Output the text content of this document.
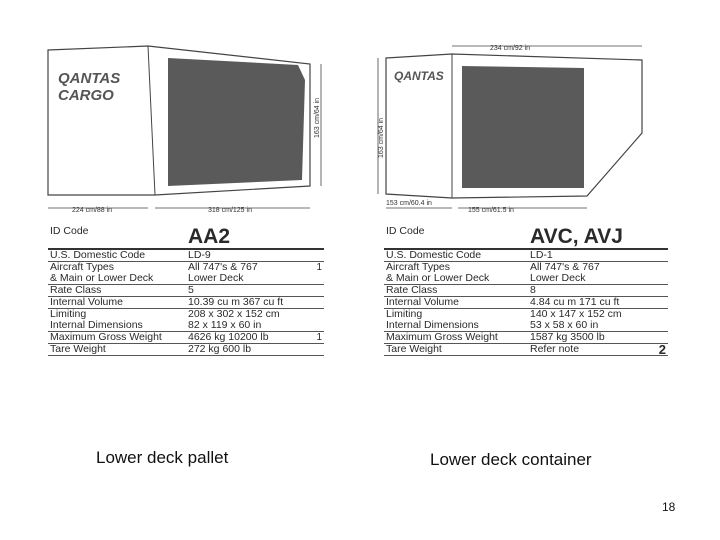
QANTAS
CARGO
163 cm/64 in
224 cm/88 in	318 cm/125 in
234 cm/92 in
QANTAS
163 cm/64 in
153 cm/60.4 in
155 cm/61.5 in
ID Code	AA2	
U.S. Domestic Code	LD-9	
Aircraft Types
& Main or Lower Deck	All 747's & 767
Lower Deck	1
Rate Class	5	
Internal Volume	10.39 cu m 367 cu ft	
Limiting
Internal Dimensions	208 x 302 x 152 cm
82 x 119 x 60 in	
Maximum Gross Weight	4626 kg 10200 lb	1
Tare Weight	272 kg 600 lb	
ID Code	AVC, AVJ	
U.S. Domestic Code	LD-1	
Aircraft Types
& Main or Lower Deck	All 747's & 767
Lower Deck	
Rate Class	8	
Internal Volume	4.84 cu m 171 cu ft	
Limiting
Internal Dimensions	140 x 147 x 152 cm
53 x 58 x 60 in	
Maximum Gross Weight	1587 kg 3500 lb	
Tare Weight	Refer note	2
Lower deck pallet	Lower deck container
18
